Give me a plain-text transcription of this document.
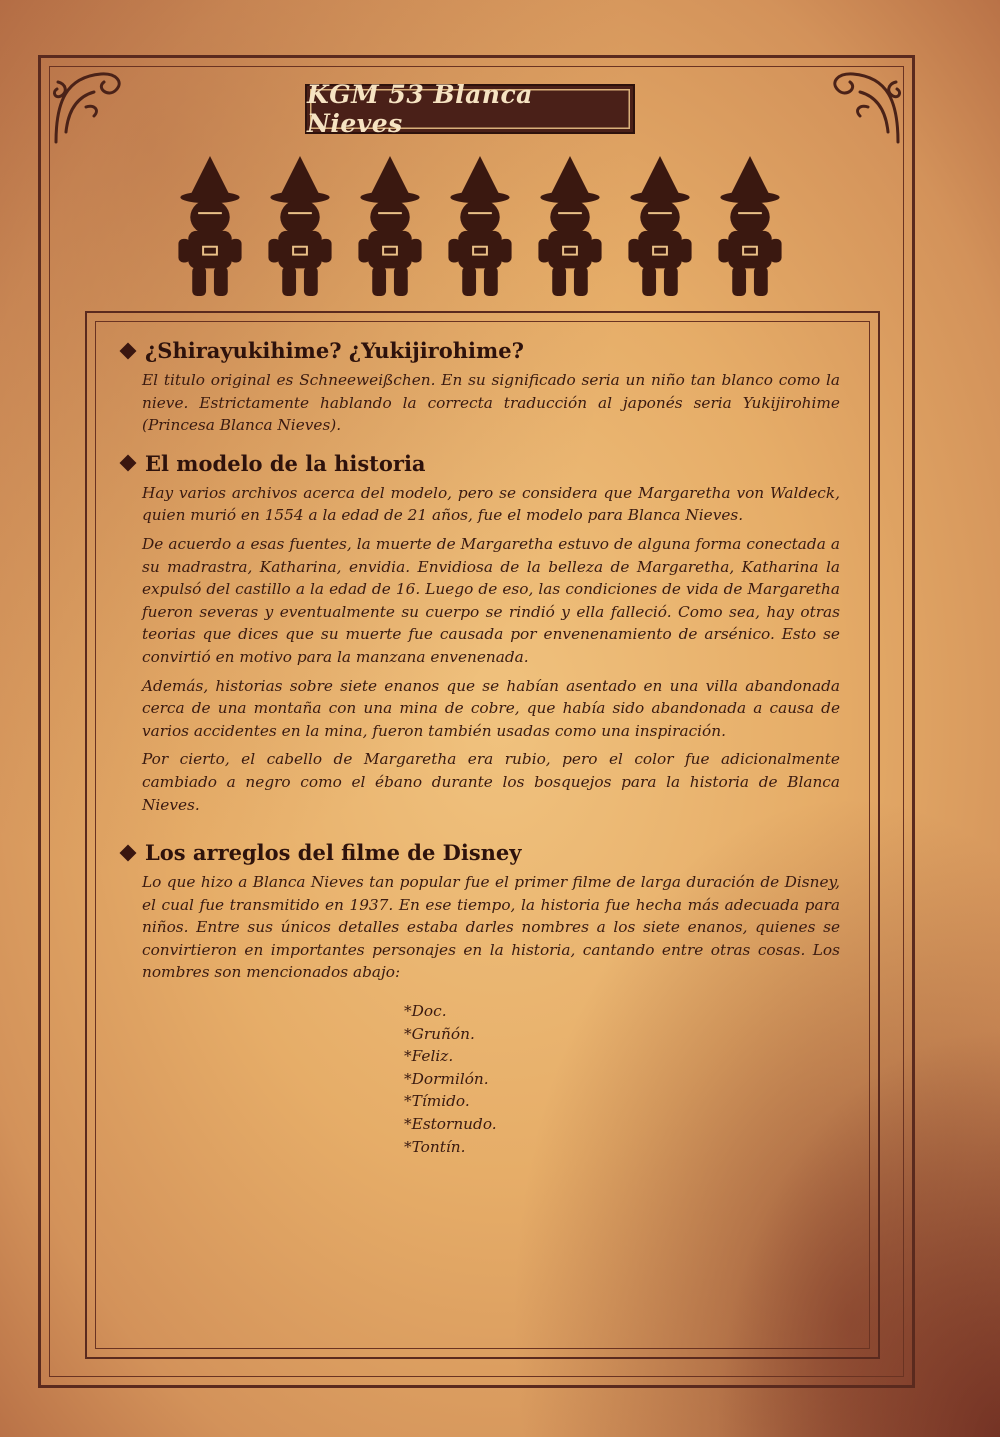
KGM 53 Blanca Nieves
¿Shirayukihime? ¿Yukijirohime?

El titulo original es Schneeweißchen. En su significado seria un niño tan blanco como la nieve. Estrictamente hablando la correcta traducción al japonés seria Yukijirohime (Princesa Blanca Nieves).

El modelo de la historia

Hay varios archivos acerca del modelo, pero se considera que Margaretha von Waldeck, quien murió en 1554 a la edad de 21 años, fue el modelo para Blanca Nieves.

De acuerdo a esas fuentes, la muerte de Margaretha estuvo de alguna forma conectada a su madrastra, Katharina, envidia. Envidiosa de la belleza de Margaretha, Katharina la expulsó del castillo a la edad de 16. Luego de eso, las condiciones de vida de Margaretha fueron severas y eventualmente su cuerpo se rindió y ella falleció. Como sea, hay otras teorias que dices que su muerte fue causada por envenenamiento de arsénico. Esto se convirtió en motivo para la manzana envenenada.

Además, historias sobre siete enanos que se habían asentado en una villa abandonada cerca de una montaña con una mina de cobre, que había sido abandonada a causa de varios accidentes en la mina, fueron también usadas como una inspiración.

Por cierto, el cabello de Margaretha era rubio, pero el color fue adicionalmente cambiado a negro como el ébano durante los bosquejos para la historia de Blanca Nieves.

Los arreglos del filme de Disney

Lo que hizo a Blanca Nieves tan popular fue el primer filme de larga duración de Disney, el cual fue transmitido en 1937. En ese tiempo, la historia fue hecha más adecuada para niños. Entre sus únicos detalles estaba darles nombres a los siete enanos, quienes se convirtieron en importantes personajes en la historia, cantando entre otras cosas. Los nombres son mencionados abajo:

*Doc.
*Gruñón.
*Feliz.
*Dormilón.
*Tímido.
*Estornudo.
*Tontín.
